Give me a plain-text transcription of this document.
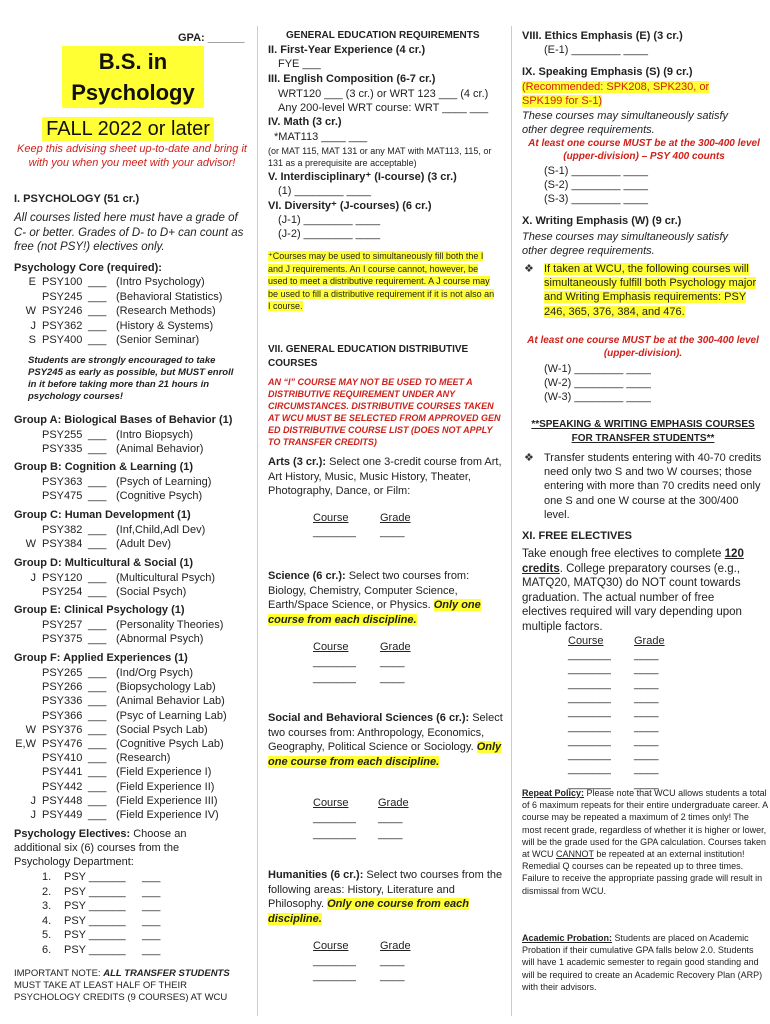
GPA: ______
B.S. in
Psychology
FALL 2022 or later
Keep this advising sheet up-to-date and bring it with you when you meet with your advisor!
I. PSYCHOLOGY (51 cr.)
All courses listed here must have a grade of C- or better. Grades of D- to D+ can count as free (not PSY!) electives only.
Psychology Core (required):
E PSY100 ___ (Intro Psychology)
PSY245 ___ (Behavioral Statistics)
W PSY246 ___ (Research Methods)
J PSY362 ___ (History & Systems)
S PSY400 ___ (Senior Seminar)
Students are strongly encouraged to take PSY245 as early as possible, but MUST enroll in it before taking more than 21 hours in psychology courses!
Group A: Biological Bases of Behavior (1)
PSY255 ___ (Intro Biopsych)
PSY335 ___ (Animal Behavior)
Group B: Cognition & Learning (1)
PSY363 ___ (Psych of Learning)
PSY475 ___ (Cognitive Psych)
Group C: Human Development (1)
PSY382 ___ (Inf,Child,Adl Dev)
W PSY384 ___ (Adult Dev)
Group D: Multicultural & Social (1)
J PSY120 ___ (Multicultural Psych)
PSY254 ___ (Social Psych)
Group E: Clinical Psychology (1)
PSY257 ___ (Personality Theories)
PSY375 ___ (Abnormal Psych)
Group F: Applied Experiences (1)
PSY265 ___ (Ind/Org Psych)
PSY266 ___ (Biopsychology Lab)
PSY336 ___ (Animal Behavior Lab)
PSY366 ___ (Psyc of Learning Lab)
W PSY376 ___ (Social Psych Lab)
E,W PSY476 ___ (Cognitive Psych Lab)
PSY410 ___ (Research)
PSY441 ___ (Field Experience I)
PSY442 ___ (Field Experience II)
J PSY448 ___ (Field Experience III)
J PSY449 ___ (Field Experience IV)
Psychology Electives: Choose an additional six (6) courses from the Psychology Department:
1. PSY ______ ___
2. PSY ______ ___
3. PSY ______ ___
4. PSY ______ ___
5. PSY ______ ___
6. PSY ______ ___
IMPORTANT NOTE: ALL TRANSFER STUDENTS MUST TAKE AT LEAST HALF OF THEIR PSYCHOLOGY CREDITS (9 COURSES) AT WCU
GENERAL EDUCATION REQUIREMENTS
II. First-Year Experience (4 cr.)
FYE ___
III. English Composition (6-7 cr.)
WRT120 ___ (3 cr.) or WRT 123 ___ (4 cr.)
Any 200-level WRT course: WRT ____ ___
IV. Math (3 cr.)
*MAT113 ____ ___
(or MAT 115, MAT 131 or any MAT with MAT113, 115, or 131 as a prerequisite are acceptable)
V. Interdisciplinary⁺ (I-course) (3 cr.)
(1) ________ ____
VI. Diversity⁺ (J-courses) (6 cr.)
(J-1) ________ ____
(J-2) ________ ____
⁺Courses may be used to simultaneously fill both the I and J requirements. An I course cannot, however, be used to meet a distributive requirement. A J course may be used to fill a distributive requirement if it is not also an I course.
VII. GENERAL EDUCATION DISTRIBUTIVE COURSES
AN “I” COURSE MAY NOT BE USED TO MEET A DISTRIBUTIVE REQUIREMENT UNDER ANY CIRCUMSTANCES. DISTRIBUTIVE COURSES TAKEN AT WCU MUST BE SELECTED FROM APPROVED GEN ED DISTRIBUTIVE COURSE LIST (DOES NOT APPLY TO TRANSFER CREDITS)
Arts (3 cr.): Select one 3-credit course from Art, Art History, Music, Music History, Theater, Photography, Dance, or Film:
Course	Grade
_______ ____
Science (6 cr.): Select two courses from: Biology, Chemistry, Computer Science, Earth/Space Science, or Physics. Only one course from each discipline.
Course	Grade
_______ ____
_______ ____
Social and Behavioral Sciences (6 cr.): Select two courses from: Anthropology, Economics, Geography, Political Science or Sociology. Only one course from each discipline.
Course	Grade
_______ ____
_______ ____
Humanities (6 cr.): Select two courses from the following areas: History, Literature and Philosophy. Only one course from each discipline.
Course	Grade
_______ ____
_______ ____
VIII. Ethics Emphasis (E) (3 cr.)
(E-1) ________ ____
IX. Speaking Emphasis (S) (9 cr.)
(Recommended: SPK208, SPK230, or SPK199 for S-1)
These courses may simultaneously satisfy other degree requirements.
At least one course MUST be at the 300-400 level (upper-division) – PSY 400 counts
(S-1) ________ ____
(S-2) ________ ____
(S-3) ________ ____
X. Writing Emphasis (W) (9 cr.)
These courses may simultaneously satisfy other degree requirements.
❖ If taken at WCU, the following courses will simultaneously fulfill both Psychology major and Writing Emphasis requirements: PSY 246, 365, 376, 384, and 476.
At least one course MUST be at the 300-400 level (upper-division).
(W-1) ________ ____
(W-2) ________ ____
(W-3) ________ ____
**SPEAKING & WRITING EMPHASIS COURSES FOR TRANSFER STUDENTS**
❖ Transfer students entering with 40-70 credits need only two S and two W courses; those entering with more than 70 credits need only one S and one W course at the 300/400 level.
XI. FREE ELECTIVES
Take enough free electives to complete 120 credits. College preparatory courses (e.g., MATQ20, MATQ30) do NOT count towards graduation. The actual number of free electives required will vary depending upon multiple factors.
Course	Grade
_______ ____
_______ ____
_______ ____
_______ ____
_______ ____
_______ ____
_______ ____
_______ ____
_______ ____
_______ ____
Repeat Policy: Please note that WCU allows students a total of 6 maximum repeats for their entire undergraduate career. A course may be repeated a maximum of 2 times only! The most recent grade, regardless of whether it is higher or lower, will be the grade used for the GPA calculation. Courses taken at WCU CANNOT be repeated at an external institution!
Remedial Q courses can be repeated up to three times. Failure to receive the appropriate passing grade will result in dismissal from WCU.
Academic Probation: Students are placed on Academic Probation if their cumulative GPA falls below 2.0. Students will have 1 academic semester to regain good standing and will be required to create an Academic Recovery Plan (ARP) with their advisors.
